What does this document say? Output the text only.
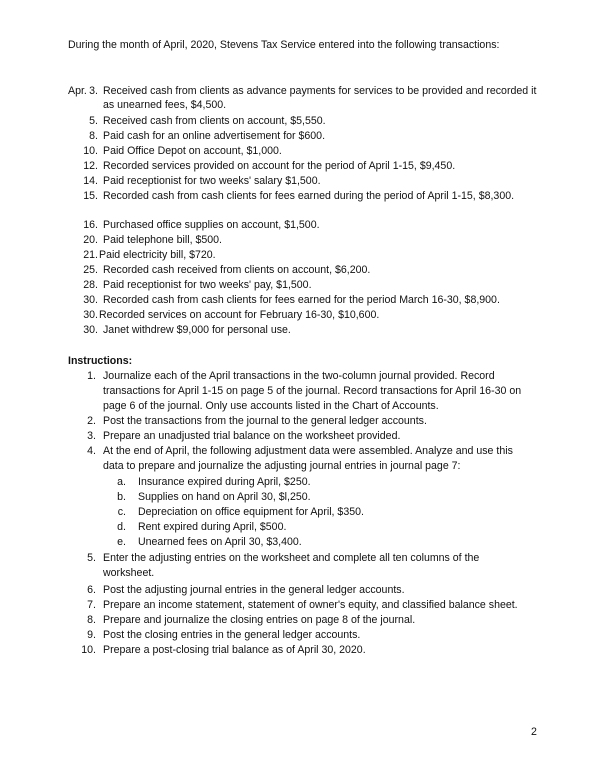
During the month of April, 2020, Stevens Tax Service entered into the following transactions:
Apr. 3. Received cash from clients as advance payments for services to be provided and recorded it
as unearned fees, $4,500.
5. Received cash from clients on account, $5,550.
8. Paid cash for an online advertisement for $600.
10. Paid Office Depot on account, $1,000.
12. Recorded services provided on account for the period of April 1-15, $9,450.
14. Paid receptionist for two weeks' salary $1,500.
15. Recorded cash from cash clients for fees earned during the period of April 1-15, $8,300.
16. Purchased office supplies on account, $1,500.
20. Paid telephone bill, $500.
21. Paid electricity bill, $720.
25. Recorded cash received from clients on account, $6,200.
28. Paid receptionist for two weeks' pay, $1,500.
30. Recorded cash from cash clients for fees earned for the period March 16-30, $8,900.
30. Recorded services on account for February 16-30, $10,600.
30. Janet withdrew $9,000 for personal use.
Instructions:
1. Journalize each of the April transactions in the two-column journal provided. Record
transactions for April 1-15 on page 5 of the journal. Record transactions for April 16-30 on
page 6 of the journal. Only use accounts listed in the Chart of Accounts.
2. Post the transactions from the journal to the general ledger accounts.
3. Prepare an unadjusted trial balance on the worksheet provided.
4. At the end of April, the following adjustment data were assembled. Analyze and use this
data to prepare and journalize the adjusting journal entries in journal page 7:
a. Insurance expired during April, $250.
b. Supplies on hand on April 30, $l,250.
c. Depreciation on office equipment for April, $350.
d. Rent expired during April, $500.
e. Unearned fees on April 30, $3,400.
5. Enter the adjusting entries on the worksheet and complete all ten columns of the
worksheet.
6. Post the adjusting journal entries in the general ledger accounts.
7. Prepare an income statement, statement of owner's equity, and classified balance sheet.
8. Prepare and journalize the closing entries on page 8 of the journal.
9. Post the closing entries in the general ledger accounts.
10. Prepare a post-closing trial balance as of April 30, 2020.
2
